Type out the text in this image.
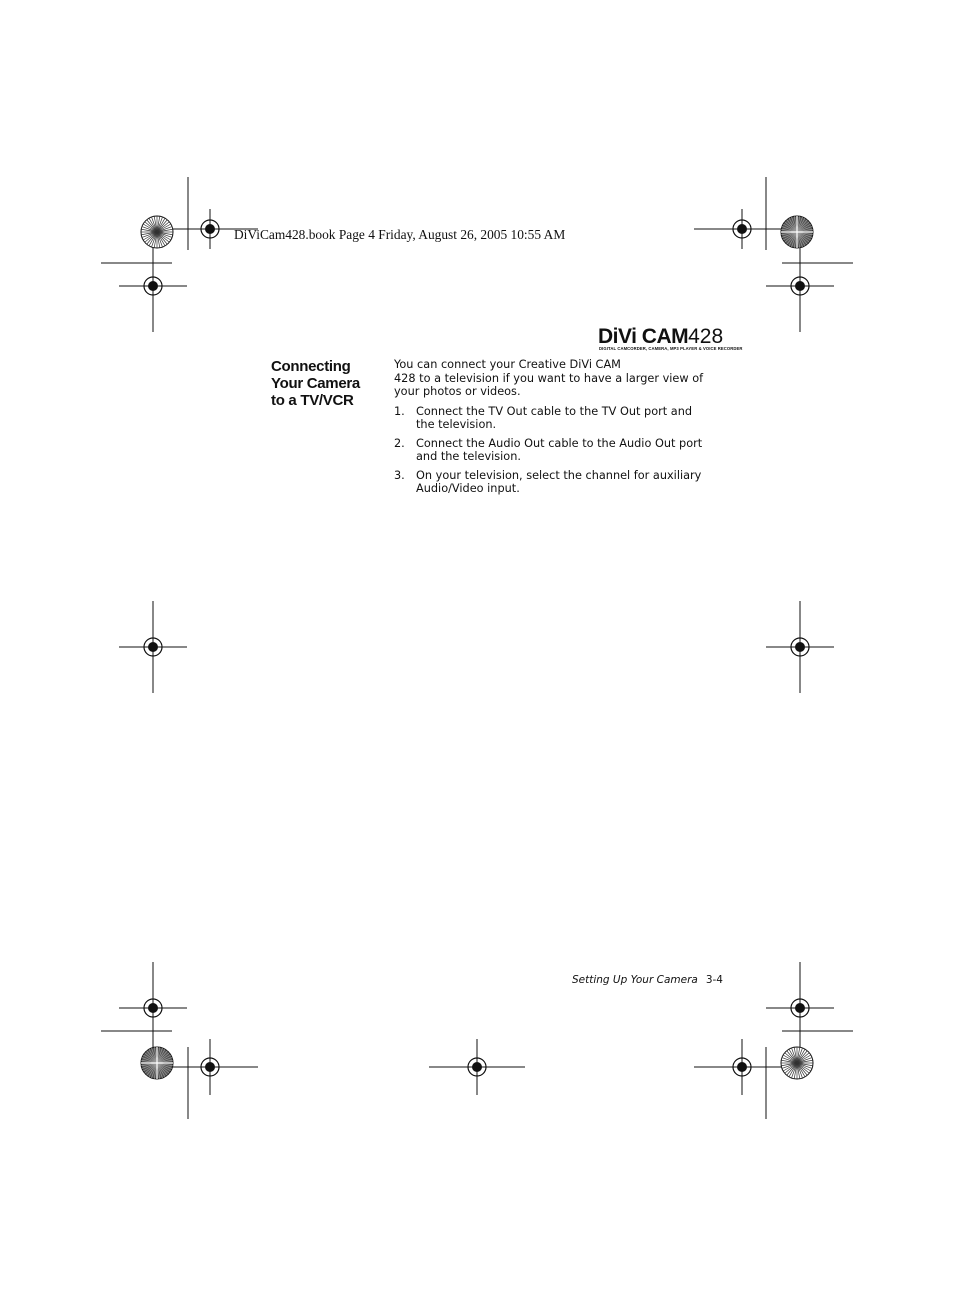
DiViCam428.book Page 4 Friday, August 26, 2005 10:55 AM
DiVi CAM428
DIGITAL CAMCORDER, CAMERA, MP3 PLAYER & VOICE RECORDER
Connecting
Your Camera
to a TV/VCR

You can connect your Creative DiVi CAM
428 to a television if you want to have a larger view of
your photos or videos.

1. Connect the TV Out cable to the TV Out port and
the television.
2. Connect the Audio Out cable to the Audio Out port
and the television.
3. On your television, select the channel for auxiliary
Audio/Video input.
Setting Up Your Camera 3-4
